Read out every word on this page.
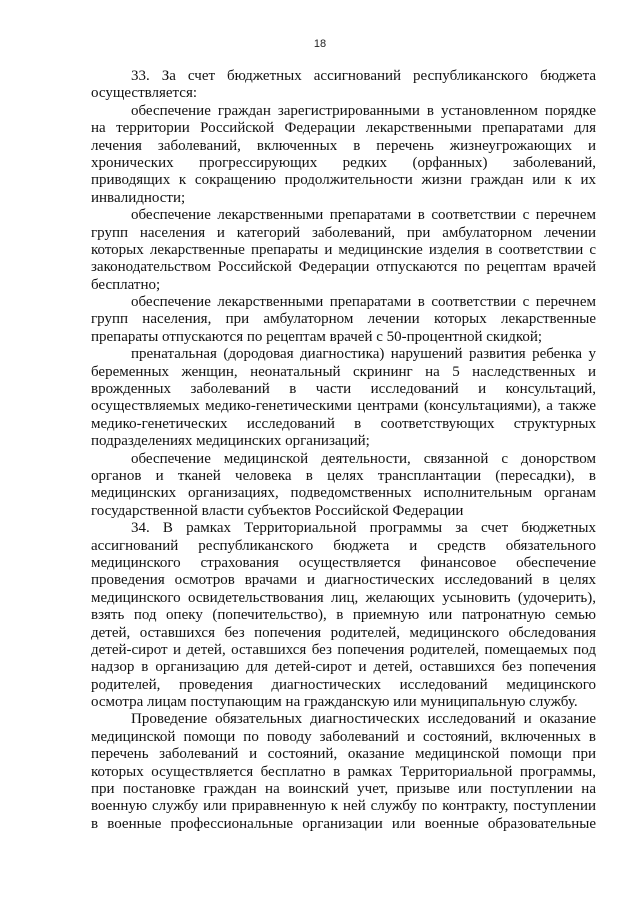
18
33. За счет бюджетных ассигнований республиканского бюджета
осуществляется:
обеспечение граждан зарегистрированными в установленном порядке
на территории Российской Федерации лекарственными препаратами для
лечения заболеваний, включенных в перечень жизнеугрожающих и
хронических прогрессирующих редких (орфанных) заболеваний,
приводящих к сокращению продолжительности жизни граждан или к их
инвалидности;
обеспечение лекарственными препаратами в соответствии с перечнем
групп населения и категорий заболеваний, при амбулаторном лечении
которых лекарственные препараты и медицинские изделия в соответствии с
законодательством Российской Федерации отпускаются по рецептам врачей
бесплатно;
обеспечение лекарственными препаратами в соответствии с перечнем
групп населения, при амбулаторном лечении которых лекарственные
препараты отпускаются по рецептам врачей с 50-процентной скидкой;
пренатальная (дородовая диагностика) нарушений развития ребенка у
беременных женщин, неонатальный скрининг на 5 наследственных и
врожденных заболеваний в части исследований и консультаций,
осуществляемых медико-генетическими центрами (консультациями), а также
медико-генетических исследований в соответствующих структурных
подразделениях медицинских организаций;
обеспечение медицинской деятельности, связанной с донорством
органов и тканей человека в целях трансплантации (пересадки), в
медицинских организациях, подведомственных исполнительным органам
государственной власти субъектов Российской Федерации
34. В рамках Территориальной программы за счет бюджетных
ассигнований республиканского бюджета и средств обязательного
медицинского страхования осуществляется финансовое обеспечение
проведения осмотров врачами и диагностических исследований в целях
медицинского освидетельствования лиц, желающих усыновить (удочерить),
взять под опеку (попечительство), в приемную или патронатную семью
детей, оставшихся без попечения родителей, медицинского обследования
детей-сирот и детей, оставшихся без попечения родителей, помещаемых под
надзор в организацию для детей-сирот и детей, оставшихся без попечения
родителей, проведения диагностических исследований медицинского
осмотра лицам поступающим на гражданскую или муниципальную службу.
Проведение обязательных диагностических исследований и оказание
медицинской помощи по поводу заболеваний и состояний, включенных в
перечень заболеваний и состояний, оказание медицинской помощи при
которых осуществляется бесплатно в рамках Территориальной программы,
при постановке граждан на воинский учет, призыве или поступлении на
военную службу или приравненную к ней службу по контракту, поступлении
в военные профессиональные организации или военные образовательные
